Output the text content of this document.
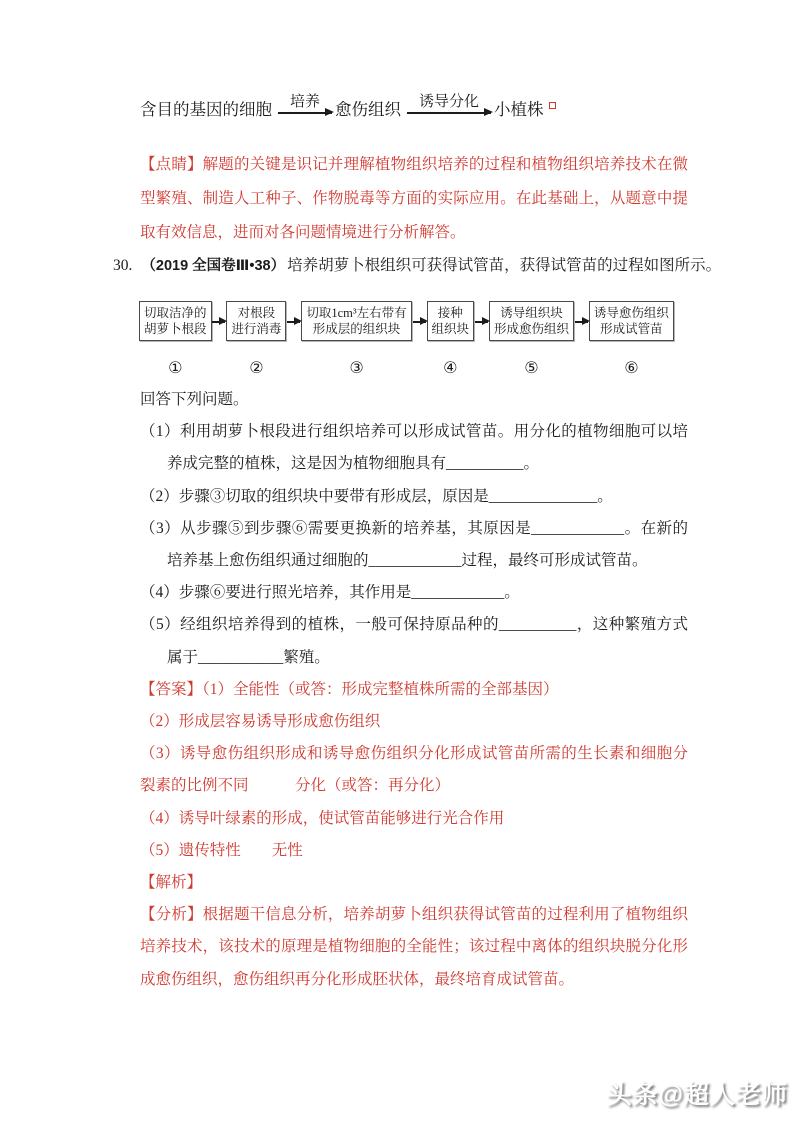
含目的基因的细胞	培养 愈伤组织	诱导分化 小植株

【点睛】解题的关键是识记并理解植物组织培养的过程和植物组织培养技术在微型繁殖、制造人工种子、作物脱毒等方面的实际应用。在此基础上，从题意中提取有效信息，进而对各问题情境进行分析解答。

30. （2019 全国卷Ⅲ•38） 培养胡萝卜根组织可获得试管苗，获得试管苗的过程如图所示。

切取洁净的
胡萝卜根段
①
对根段
进行消毒
②
切取1cm³左右带有
形成层的组织块
③
接种
组织块
④
诱导组织块
形成愈伤组织
⑤
诱导愈伤组织
形成试管苗
⑥

回答下列问题。

（1）利用胡萝卜根段进行组织培养可以形成试管苗。用分化的植物细胞可以培养成完整的植株，这是因为植物细胞具有__________。

（2）步骤③切取的组织块中要带有形成层，原因是______________。

（3）从步骤⑤到步骤⑥需要更换新的培养基，其原因是____________。在新的培养基上愈伤组织通过细胞的____________过程，最终可形成试管苗。

（4）步骤⑥要进行照光培养，其作用是____________。

（5）经组织培养得到的植株，一般可保持原品种的__________，这种繁殖方式属于___________繁殖。

【答案】（1）全能性（或答：形成完整植株所需的全部基因）

（2）形成层容易诱导形成愈伤组织

（3）诱导愈伤组织形成和诱导愈伤组织分化形成试管苗所需的生长素和细胞分裂素的比例不同　　　分化（或答：再分化）

（4）诱导叶绿素的形成，使试管苗能够进行光合作用

（5）遗传特性　　无性

【解析】

【分析】根据题干信息分析，培养胡萝卜组织获得试管苗的过程利用了植物组织培养技术，该技术的原理是植物细胞的全能性；该过程中离体的组织块脱分化形成愈伤组织，愈伤组织再分化形成胚状体，最终培育成试管苗。

头条@超人老师
